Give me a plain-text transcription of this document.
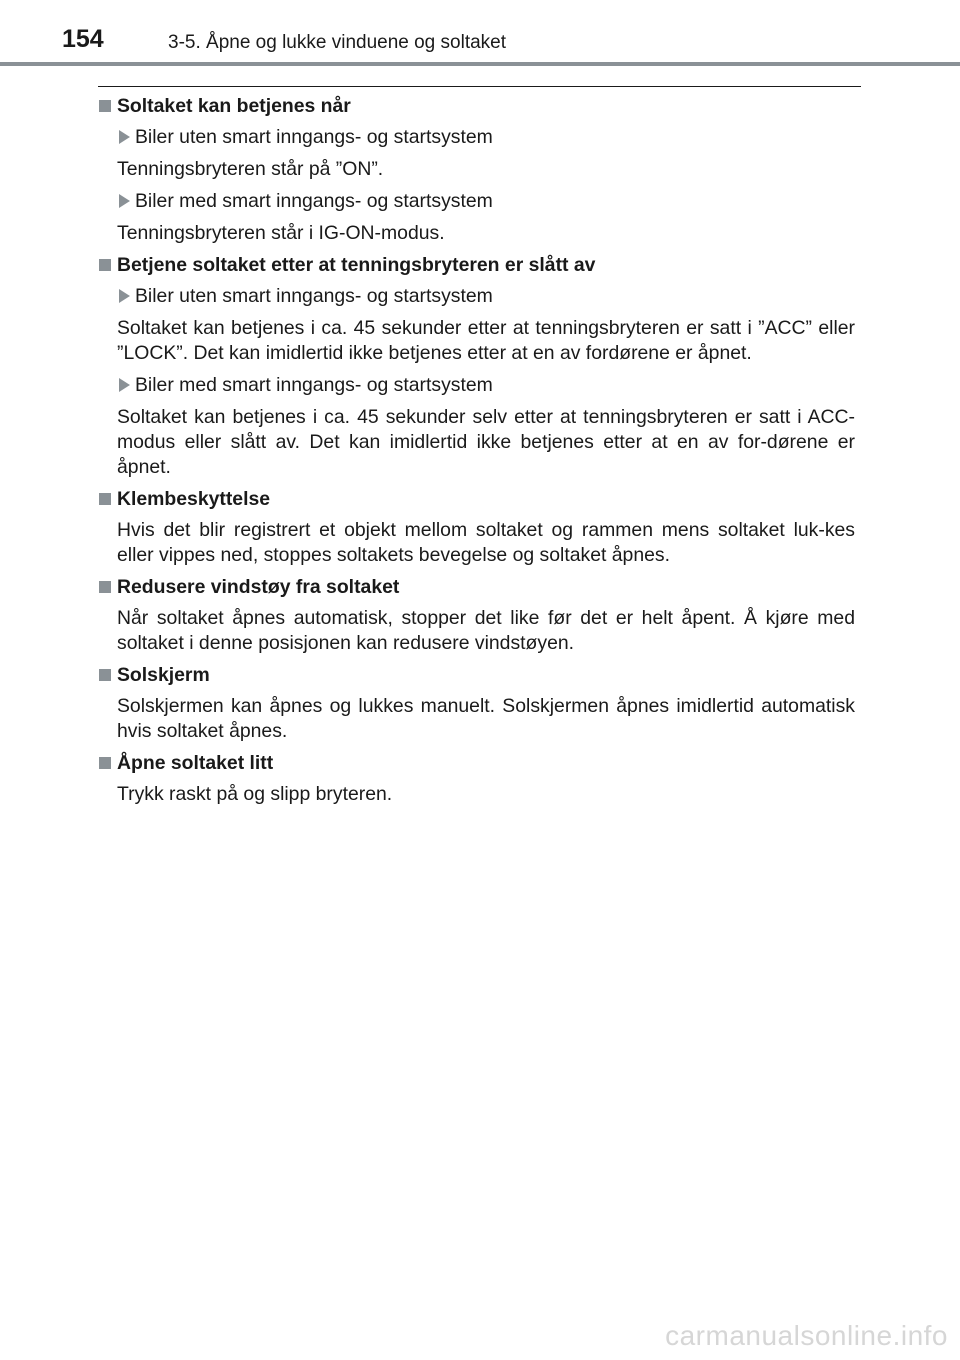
154	3-5. Åpne og lukke vinduene og soltaket
Soltaket kan betjenes når
Biler uten smart inngangs- og startsystem

Tenningsbryteren står på ”ON”.

Biler med smart inngangs- og startsystem

Tenningsbryteren står i IG-ON-modus.

Betjene soltaket etter at tenningsbryteren er slått av
Biler uten smart inngangs- og startsystem

Soltaket kan betjenes i ca. 45 sekunder etter at tenningsbryteren er satt i ”ACC” eller ”LOCK”. Det kan imidlertid ikke betjenes etter at en av fordørene er åpnet.

Biler med smart inngangs- og startsystem

Soltaket kan betjenes i ca. 45 sekunder selv etter at tenningsbryteren er satt i ACC-modus eller slått av. Det kan imidlertid ikke betjenes etter at en av for-dørene er åpnet.

Klembeskyttelse

Hvis det blir registrert et objekt mellom soltaket og rammen mens soltaket luk-kes eller vippes ned, stoppes soltakets bevegelse og soltaket åpnes.

Redusere vindstøy fra soltaket

Når soltaket åpnes automatisk, stopper det like før det er helt åpent. Å kjøre med soltaket i denne posisjonen kan redusere vindstøyen.

Solskjerm

Solskjermen kan åpnes og lukkes manuelt. Solskjermen åpnes imidlertid automatisk hvis soltaket åpnes.

Åpne soltaket litt

Trykk raskt på og slipp bryteren.

carmanualsonline.info
